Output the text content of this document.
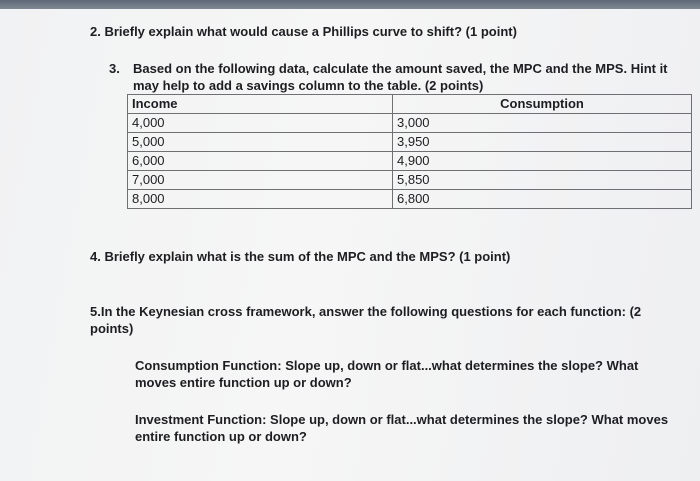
2. Briefly explain what would cause a Phillips curve to shift? (1 point)
3. Based on the following data, calculate the amount saved, the MPC and the MPS. Hint it
may help to add a savings column to the table. (2 points)
Income	Consumption
4,000	3,000
5,000	3,950
6,000	4,900
7,000	5,850
8,000	6,800
4. Briefly explain what is the sum of the MPC and the MPS? (1 point)
5.In the Keynesian cross framework, answer the following questions for each function: (2
points)
Consumption Function: Slope up, down or flat...what determines the slope? What
moves entire function up or down?
Investment Function: Slope up, down or flat...what determines the slope? What moves
entire function up or down?
